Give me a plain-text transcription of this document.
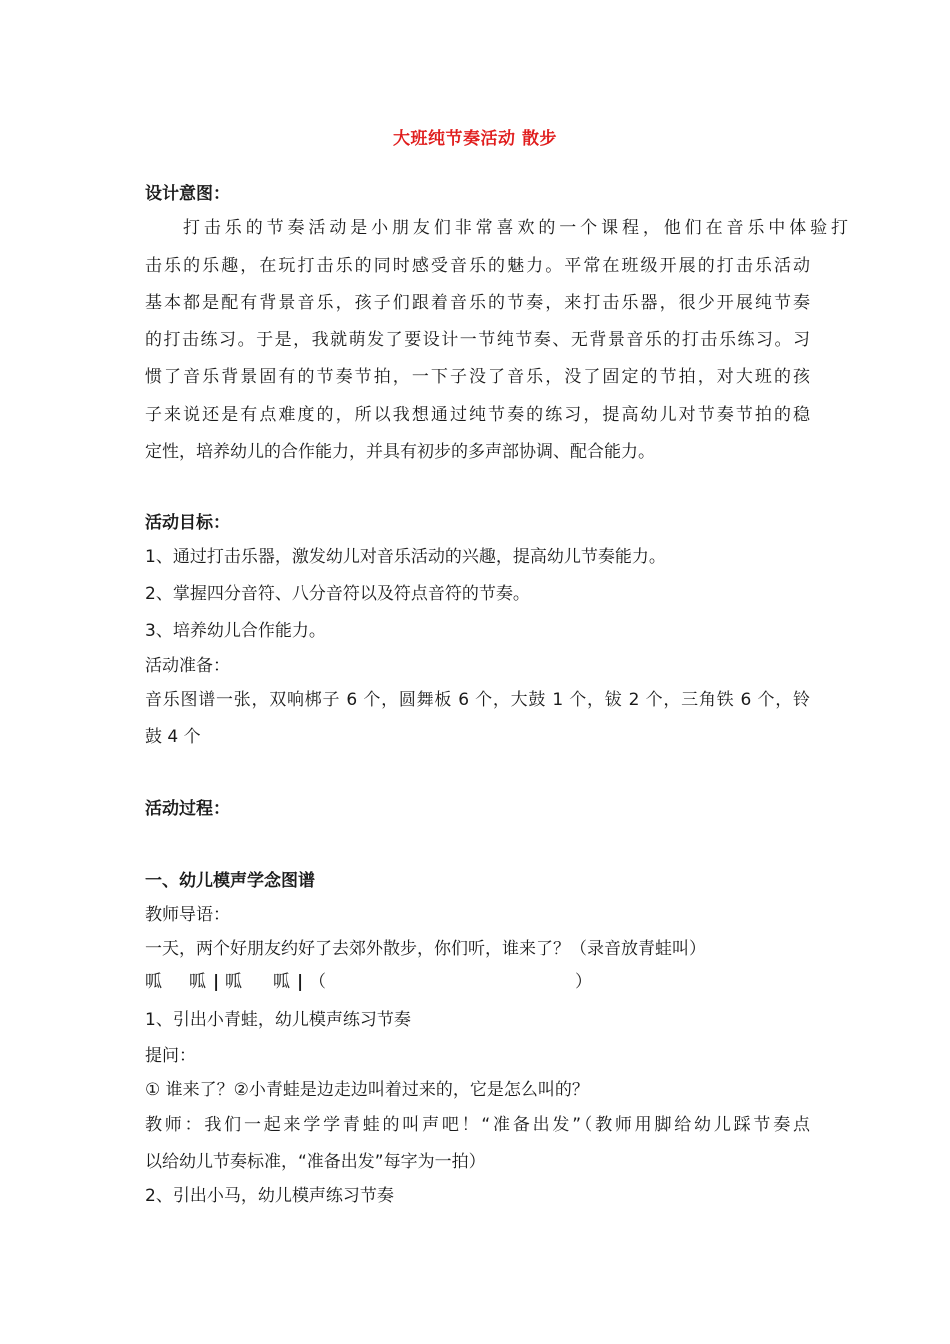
大班纯节奏活动 散步
设计意图：
打击乐的节奏活动是小朋友们非常喜欢的一个课程，他们在音乐中体验打
击乐的乐趣，在玩打击乐的同时感受音乐的魅力。平常在班级开展的打击乐活动
基本都是配有背景音乐，孩子们跟着音乐的节奏，来打击乐器，很少开展纯节奏
的打击练习。于是，我就萌发了要设计一节纯节奏、无背景音乐的打击乐练习。习
惯了音乐背景固有的节奏节拍，一下子没了音乐，没了固定的节拍，对大班的孩
子来说还是有点难度的，所以我想通过纯节奏的练习，提高幼儿对节奏节拍的稳
定性，培养幼儿的合作能力，并具有初步的多声部协调、配合能力。
活动目标：
1、通过打击乐器，激发幼儿对音乐活动的兴趣，提高幼儿节奏能力。
2、掌握四分音符、八分音符以及符点音符的节奏。
3、培养幼儿合作能力。
活动准备：
音乐图谱一张，双响梆子 6 个，圆舞板 6 个，大鼓 1 个，钹 2 个，三角铁 6 个，铃
鼓 4 个
活动过程：
一、幼儿模声学念图谱
教师导语：
一天，两个好朋友约好了去郊外散步，你们听，谁来了？（录音放青蛙叫）
呱 呱 | 呱 呱 | （	）
1、引出小青蛙，幼儿模声练习节奏
提问：
① 谁来了？②小青蛙是边走边叫着过来的，它是怎么叫的？
教师：我们一起来学学青蛙的叫声吧！“准备出发”（教师用脚给幼儿踩节奏点
以给幼儿节奏标准，“准备出发”每字为一拍）
2、引出小马，幼儿模声练习节奏
